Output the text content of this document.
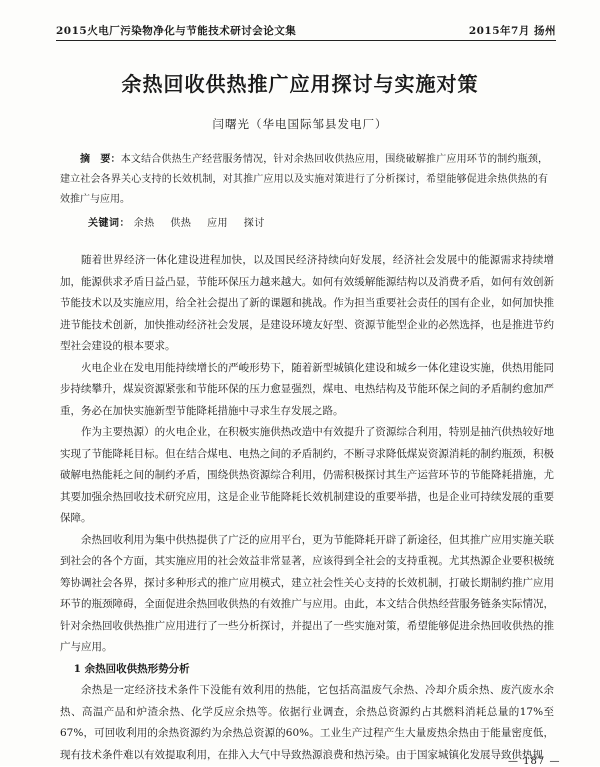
2015火电厂污染物净化与节能技术研讨会论文集	2015年7月 扬州
余热回收供热推广应用探讨与实施对策
闫曙光（华电国际邹县发电厂）

摘　要：本文结合供热生产经营服务情况，针对余热回收供热应用，围绕破解推广应用环节的制约瓶颈，建立社会各界关心支持的长效机制，对其推广应用以及实施对策进行了分析探讨，希望能够促进余热供热的有效推广与应用。

关键词： 余热 供热 应用 探讨

随着世界经济一体化建设进程加快，以及国民经济持续向好发展，经济社会发展中的能源需求持续增加，能源供求矛盾日益凸显，节能环保压力越来越大。如何有效缓解能源结构以及消费矛盾，如何有效创新节能技术以及实施应用，给全社会提出了新的课题和挑战。作为担当重要社会责任的国有企业，如何加快推进节能技术创新，加快推动经济社会发展，是建设环境友好型、资源节能型企业的必然选择，也是推进节约型社会建设的根本要求。

火电企业在发电用能持续增长的严峻形势下，随着新型城镇化建设和城乡一体化建设实施，供热用能同步持续攀升，煤炭资源紧张和节能环保的压力愈显强烈，煤电、电热结构及节能环保之间的矛盾制约愈加严重，务必在加快实施新型节能降耗措施中寻求生存发展之路。

作为主要热源）的火电企业，在积极实施供热改造中有效提升了资源综合利用，特别是抽汽供热较好地实现了节能降耗目标。但在结合煤电、电热之间的矛盾制约，不断寻求降低煤炭资源消耗的制约瓶颈，积极破解电热能耗之间的制约矛盾，围绕供热资源综合利用，仍需积极探讨其生产运营环节的节能降耗措施，尤其要加强余热回收技术研究应用，这是企业节能降耗长效机制建设的重要举措，也是企业可持续发展的重要保障。

余热回收利用为集中供热提供了广泛的应用平台，更为节能降耗开辟了新途径，但其推广应用实施关联到社会的各个方面，其实施应用的社会效益非常显著，应该得到全社会的支持重视。尤其热源企业要积极统筹协调社会各界，探讨多种形式的推广应用模式，建立社会性关心支持的长效机制，打破长期制约推广应用环节的瓶颈障碍，全面促进余热回收供热的有效推广与应用。由此，本文结合供热经营服务链条实际情况，针对余热回收供热推广应用进行了一些分析探讨，并提出了一些实施对策，希望能够促进余热回收供热的推广与应用。

1 余热回收供热形势分析

余热是一定经济技术条件下没能有效利用的热能，它包括高温废气余热、冷却介质余热、废汽废水余热、高温产品和炉渣余热、化学反应余热等。依据行业调查，余热总资源约占其燃料消耗总量的17%至67%，可回收利用的余热资源约为余热总资源的60%。工业生产过程产生大量废热余热由于能量密度低，现有技术条件难以有效提取利用，在排入大气中导致热源浪费和热污染。由于国家城镇化发展导致供热规

— 187 —
